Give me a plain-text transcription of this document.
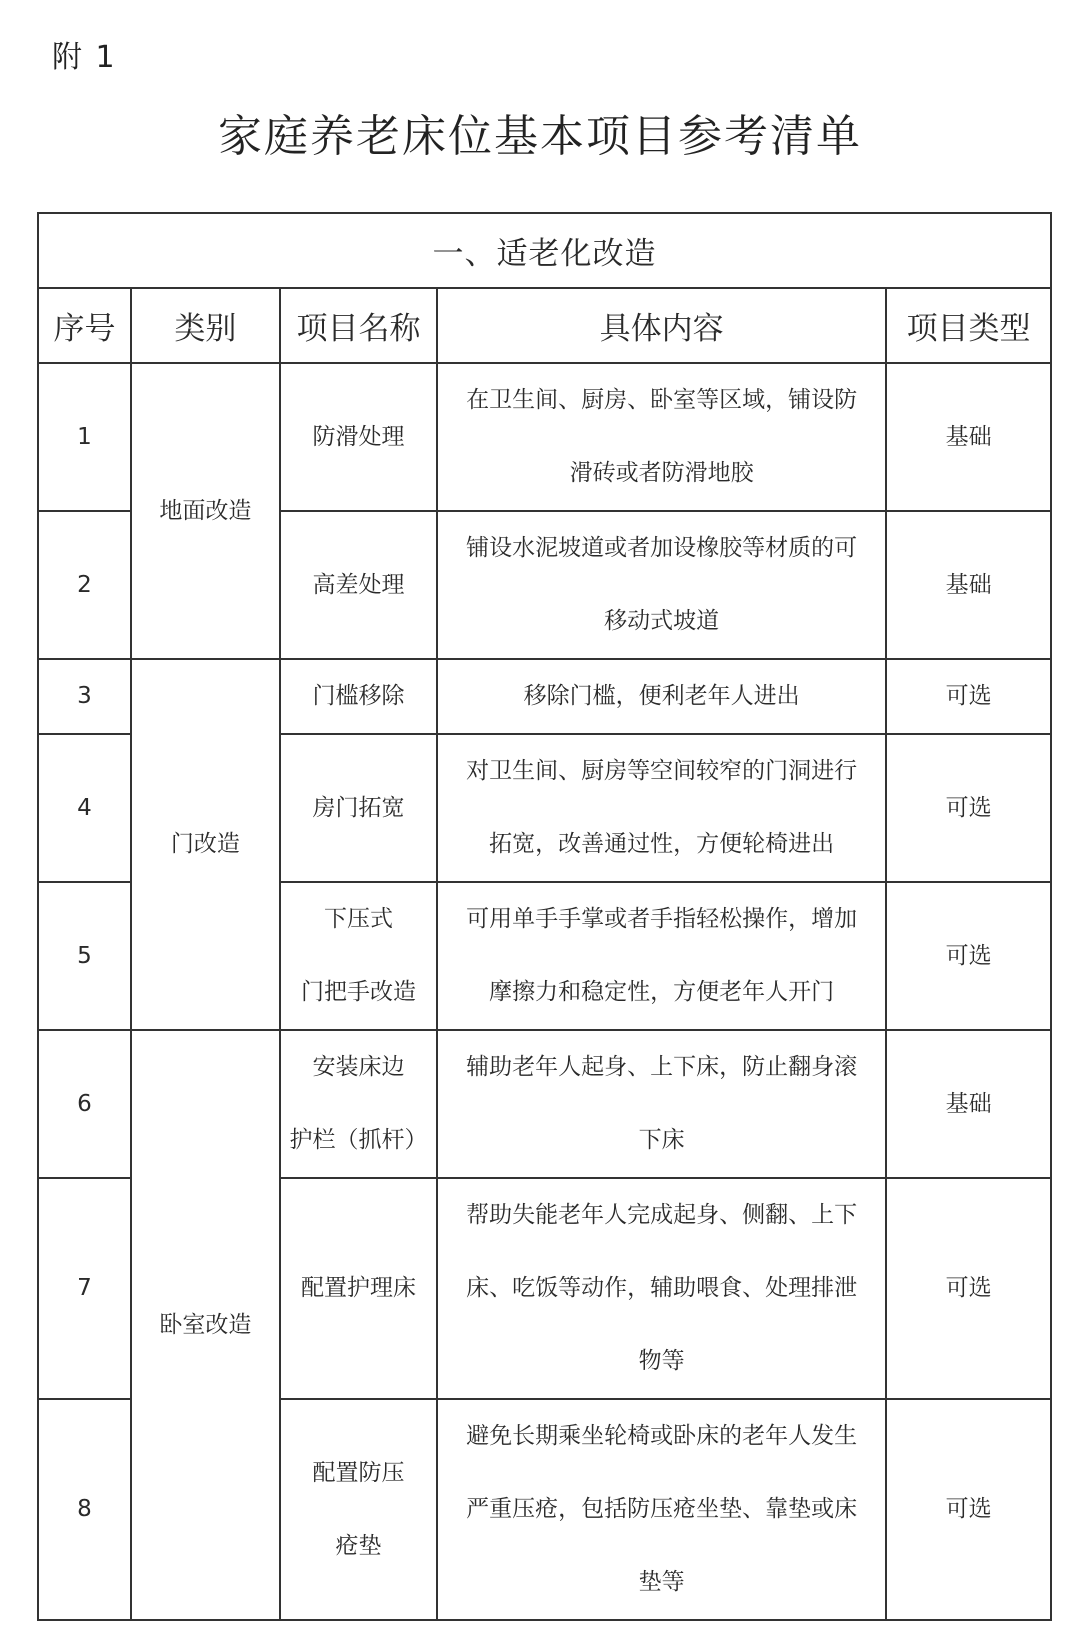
附 1
家庭养老床位基本项目参考清单
一、适老化改造				
序号	类别	项目名称	具体内容	项目类型
1	地面改造	防滑处理	在卫生间、厨房、卧室等区域，铺设防
滑砖或者防滑地胶	基础
2		高差处理	铺设水泥坡道或者加设橡胶等材质的可
移动式坡道	基础
3	门改造	门槛移除	移除门槛，便利老年人进出	可选
4		房门拓宽	对卫生间、厨房等空间较窄的门洞进行
拓宽，改善通过性，方便轮椅进出	可选
5		下压式
门把手改造	可用单手手掌或者手指轻松操作，增加
摩擦力和稳定性，方便老年人开门	可选
6	卧室改造	安装床边
护栏（抓杆）	辅助老年人起身、上下床，防止翻身滚
下床	基础
7		配置护理床	帮助失能老年人完成起身、侧翻、上下
床、吃饭等动作，辅助喂食、处理排泄
物等	可选
8		配置防压
疮垫	避免长期乘坐轮椅或卧床的老年人发生
严重压疮，包括防压疮坐垫、靠垫或床
垫等	可选
